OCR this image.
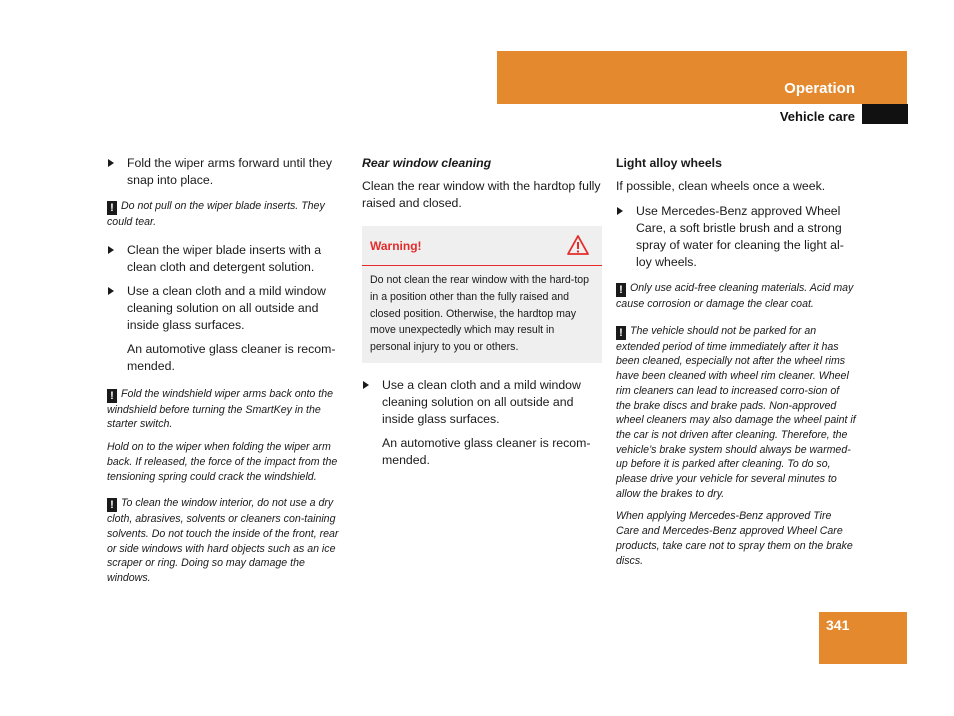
Operation
Vehicle care
Fold the wiper arms forward until they snap into place.
! Do not pull on the wiper blade inserts. They could tear.
Clean the wiper blade inserts with a clean cloth and detergent solution.
Use a clean cloth and a mild window cleaning solution on all outside and inside glass surfaces.
An automotive glass cleaner is recom-mended.
! Fold the windshield wiper arms back onto the windshield before turning the SmartKey in the starter switch.
Hold on to the wiper when folding the wiper arm back. If released, the force of the impact from the tensioning spring could crack the windshield.
! To clean the window interior, do not use a dry cloth, abrasives, solvents or cleaners con-taining solvents. Do not touch the inside of the front, rear or side windows with hard objects such as an ice scraper or ring. Doing so may damage the windows.
Rear window cleaning
Clean the rear window with the hardtop fully raised and closed.
Warning!
Do not clean the rear window with the hard-top in a position other than the fully raised and closed position. Otherwise, the hardtop may move unexpectedly which may result in personal injury to you or others.
Use a clean cloth and a mild window cleaning solution on all outside and inside glass surfaces.
An automotive glass cleaner is recom-mended.
Light alloy wheels
If possible, clean wheels once a week.
Use Mercedes-Benz approved Wheel Care, a soft bristle brush and a strong spray of water for cleaning the light al-loy wheels.
! Only use acid-free cleaning materials. Acid may cause corrosion or damage the clear coat.
! The vehicle should not be parked for an extended period of time immediately after it has been cleaned, especially not after the wheel rims have been cleaned with wheel rim cleaner. Wheel rim cleaners can lead to increased corro-sion of the brake discs and brake pads. Non-approved wheel cleaners may also damage the wheel paint if the car is not driven after cleaning. Therefore, the vehicle’s brake system should always be warmed-up before it is parked after cleaning. To do so, please drive your vehicle for several minutes to allow the brakes to dry.
When applying Mercedes-Benz approved Tire Care and Mercedes-Benz approved Wheel Care products, take care not to spray them on the brake discs.
341
